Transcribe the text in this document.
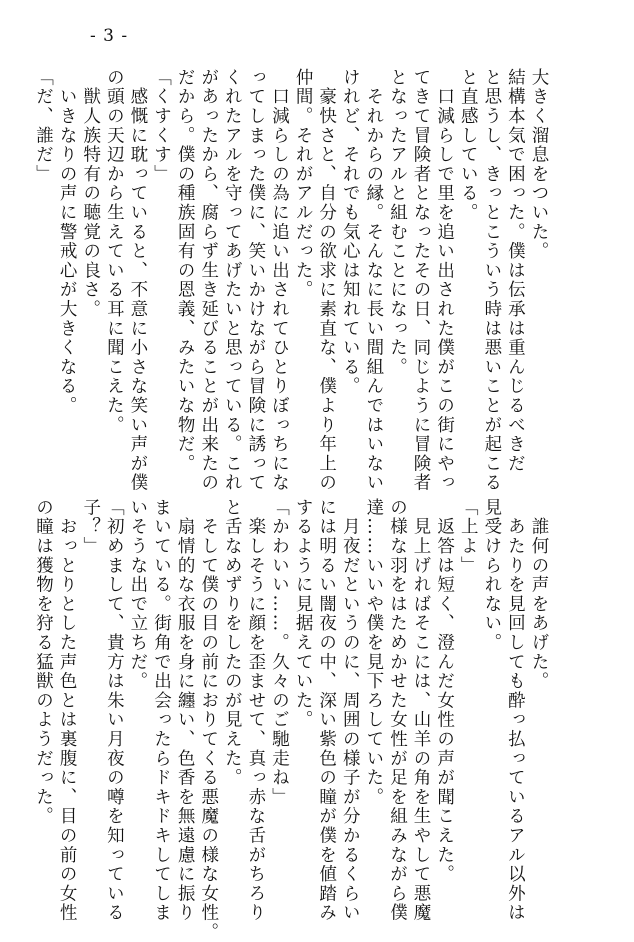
- 3 -

大きく溜息をついた。

結構本気で困った。僕は伝承は重んじるべきだ

と思うし、きっとこういう時は悪いことが起こる

と直感している。

　口減らしで里を追い出された僕がこの街にやっ

てきて冒険者となったその日、同じように冒険者

となったアルと組むことになった。

　それからの縁。そんなに長い間組んではいない

けれど、それでも気心は知れている。

　豪快さと、自分の欲求に素直な、僕より年上の

仲間。それがアルだった。

　口減らしの為に追い出されてひとりぼっちにな

ってしまった僕に、笑いかけながら冒険に誘って

くれたアルを守ってあげたいと思っている。これ

があったから、腐らず生き延びることが出来たの

だから。僕の種族固有の恩義、みたいな物だ。

「くすくす」

　感慨に耽っていると、不意に小さな笑い声が僕

の頭の天辺から生えている耳に聞こえた。

　獣人族特有の聴覚の良さ。

　いきなりの声に警戒心が大きくなる。

「だ、誰だ」

　誰何の声をあげた。

　あたりを見回しても酔っ払っているアル以外は

見受けられない。

「上よ」

　返答は短く、澄んだ女性の声が聞こえた。

　見上げればそこには、山羊の角を生やして悪魔

の様な羽をはためかせた女性が足を組みながら僕

達……いいや僕を見下ろしていた。

　月夜だというのに、周囲の様子が分かるくらい

には明るい闇夜の中、深い紫色の瞳が僕を値踏み

するように見据えていた。

「かわいい……。久々のご馳走ね」

　楽しそうに顔を歪ませて、真っ赤な舌がちろり

と舌なめずりをしたのが見えた。

　そして僕の目の前におりてくる悪魔の様な女性。

　扇情的な衣服を身に纏い、色香を無遠慮に振り

まいている。街角で出会ったらドキドキしてしま

いそうな出で立ちだ。

「初めまして、貴方は朱い月夜の噂を知っている

子？」

　おっとりとした声色とは裏腹に、目の前の女性

の瞳は獲物を狩る猛獣のようだった。
